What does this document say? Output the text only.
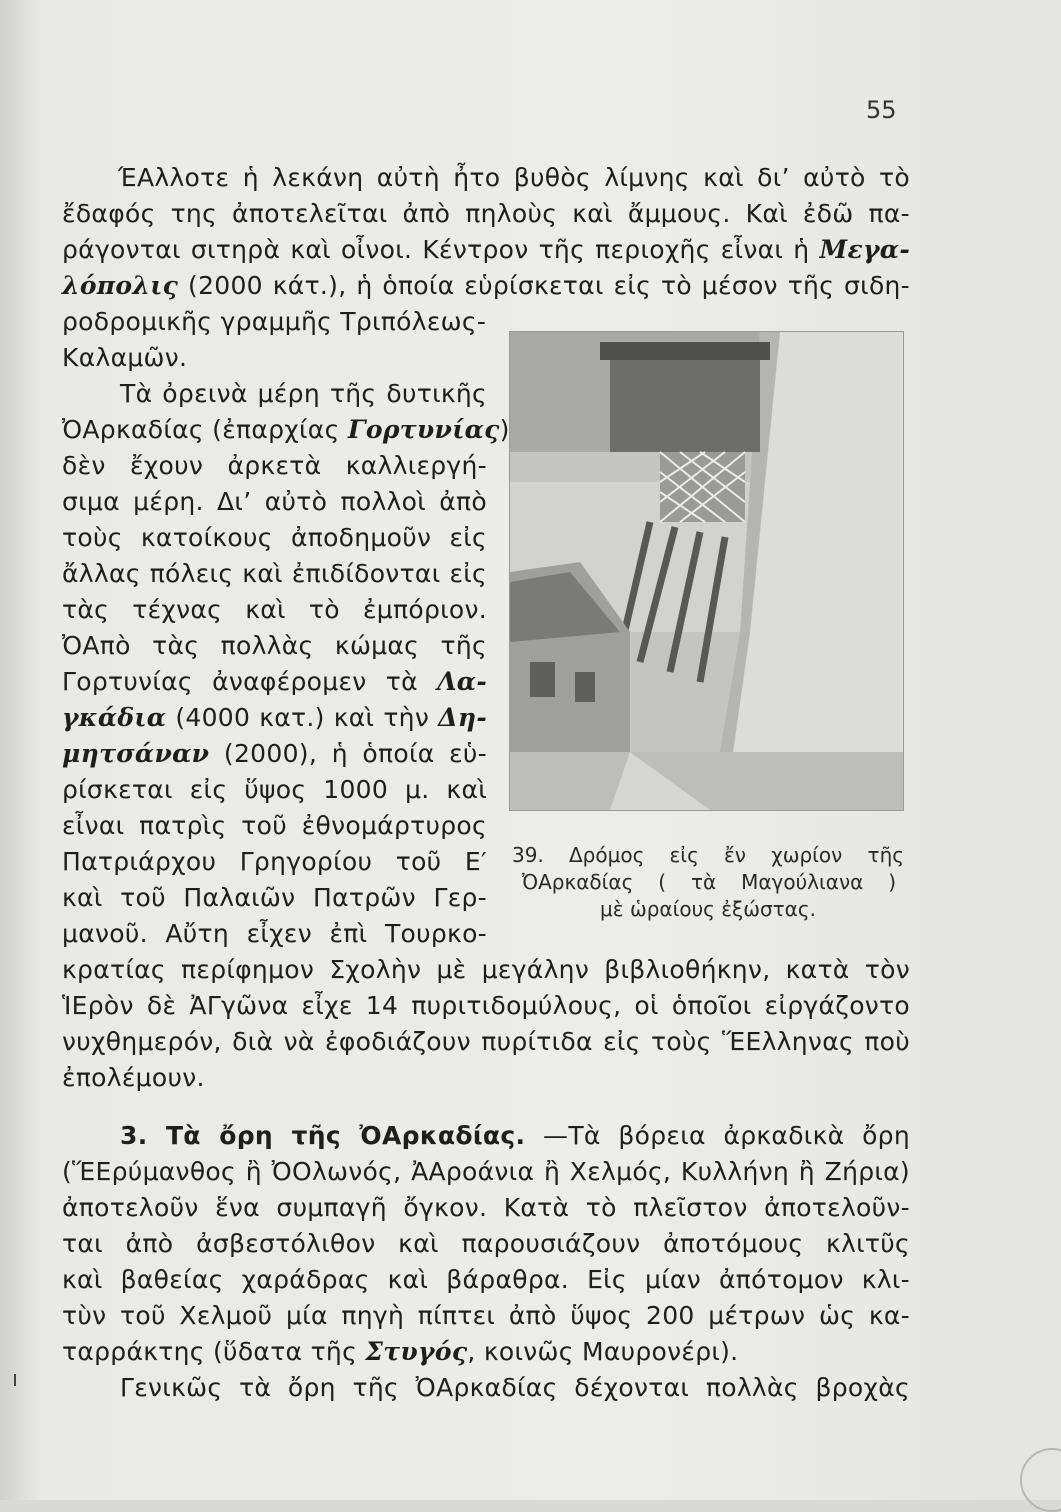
55
ΈΑλλοτε ἡ λεκάνη αὐτὴ ἦτο βυθὸς λίμνης καὶ δι’ αὐτὸ τὸ
ἔδαφός της ἀποτελεῖται ἀπὸ πηλοὺς καὶ ἄμμους. Καὶ ἐδῶ πα-
ράγονται σιτηρὰ καὶ οἶνοι. Κέντρον τῆς περιοχῆς εἶναι ἡ Μεγα-
λόπολις (2000 κάτ.), ἡ ὁποία εὑρίσκεται εἰς τὸ μέσον τῆς σιδη-
ροδρομικῆς γραμμῆς Τριπόλεως-
Καλαμῶν.
Τὰ ὀρεινὰ μέρη τῆς δυτικῆς
ὈΑρκαδίας (ἐπαρχίας Γορτυνίας)
δὲν ἔχουν ἀρκετὰ καλλιεργή-
σιμα μέρη. Δι’ αὐτὸ πολλοὶ ἀπὸ
τοὺς κατοίκους ἀποδημοῦν εἰς
ἄλλας πόλεις καὶ ἐπιδίδονται εἰς
τὰς τέχνας καὶ τὸ ἐμπόριον.
ὈΑπὸ τὰς πολλὰς κώμας τῆς
Γορτυνίας ἀναφέρομεν τὰ Λα-
γκάδια (4000 κατ.) καὶ τὴν Δη-
μητσάναν (2000), ἡ ὁποία εὑ-
ρίσκεται εἰς ὕψος 1000 μ. καὶ
εἶναι πατρὶς τοῦ ἐθνομάρτυρος
Πατριάρχου Γρηγορίου τοῦ Ε′
καὶ τοῦ Παλαιῶν Πατρῶν Γερ-
μανοῦ. Αὔτη εἶχεν ἐπὶ Τουρκο-
κρατίας περίφημον Σχολὴν μὲ μεγάλην βιβλιοθήκην, κατὰ τὸν
ἹΕρὸν δὲ ἈΓγῶνα εἶχε 14 πυριτιδομύλους, οἱ ὁποῖοι εἰργάζοντο
νυχθημερόν, διὰ νὰ ἐφοδιάζουν πυρίτιδα εἰς τοὺς ἝΕλληνας ποὺ
ἐπολέμουν.
39. Δρόμος εἰς ἔν χωρίον τῆς
ὈΑρκαδίας ( τὰ Μαγούλιανα )
μὲ ὡραίους ἐξώστας.
3. Τὰ ὄρη τῆς ὈΑρκαδίας. —Τὰ βόρεια ἀρκαδικὰ ὄρη
(ἝΕρύμανθος ἢ ὈΟλωνός, ἈΑροάνια ἢ Χελμός, Κυλλήνη ἢ Ζήρια)
ἀποτελοῦν ἕνα συμπαγῆ ὄγκον. Κατὰ τὸ πλεῖστον ἀποτελοῦν-
ται ἀπὸ ἀσβεστόλιθον καὶ παρουσιάζουν ἀποτόμους κλιτῦς
καὶ βαθείας χαράδρας καὶ βάραθρα. Εἰς μίαν ἀπότομον κλι-
τὺν τοῦ Χελμοῦ μία πηγὴ πίπτει ἀπὸ ὕψος 200 μέτρων ὡς κα-
ταρράκτης (ὕδατα τῆς Στυγός, κοινῶς Μαυρονέρι).
Γενικῶς τὰ ὄρη τῆς ὈΑρκαδίας δέχονται πολλὰς βροχὰς
